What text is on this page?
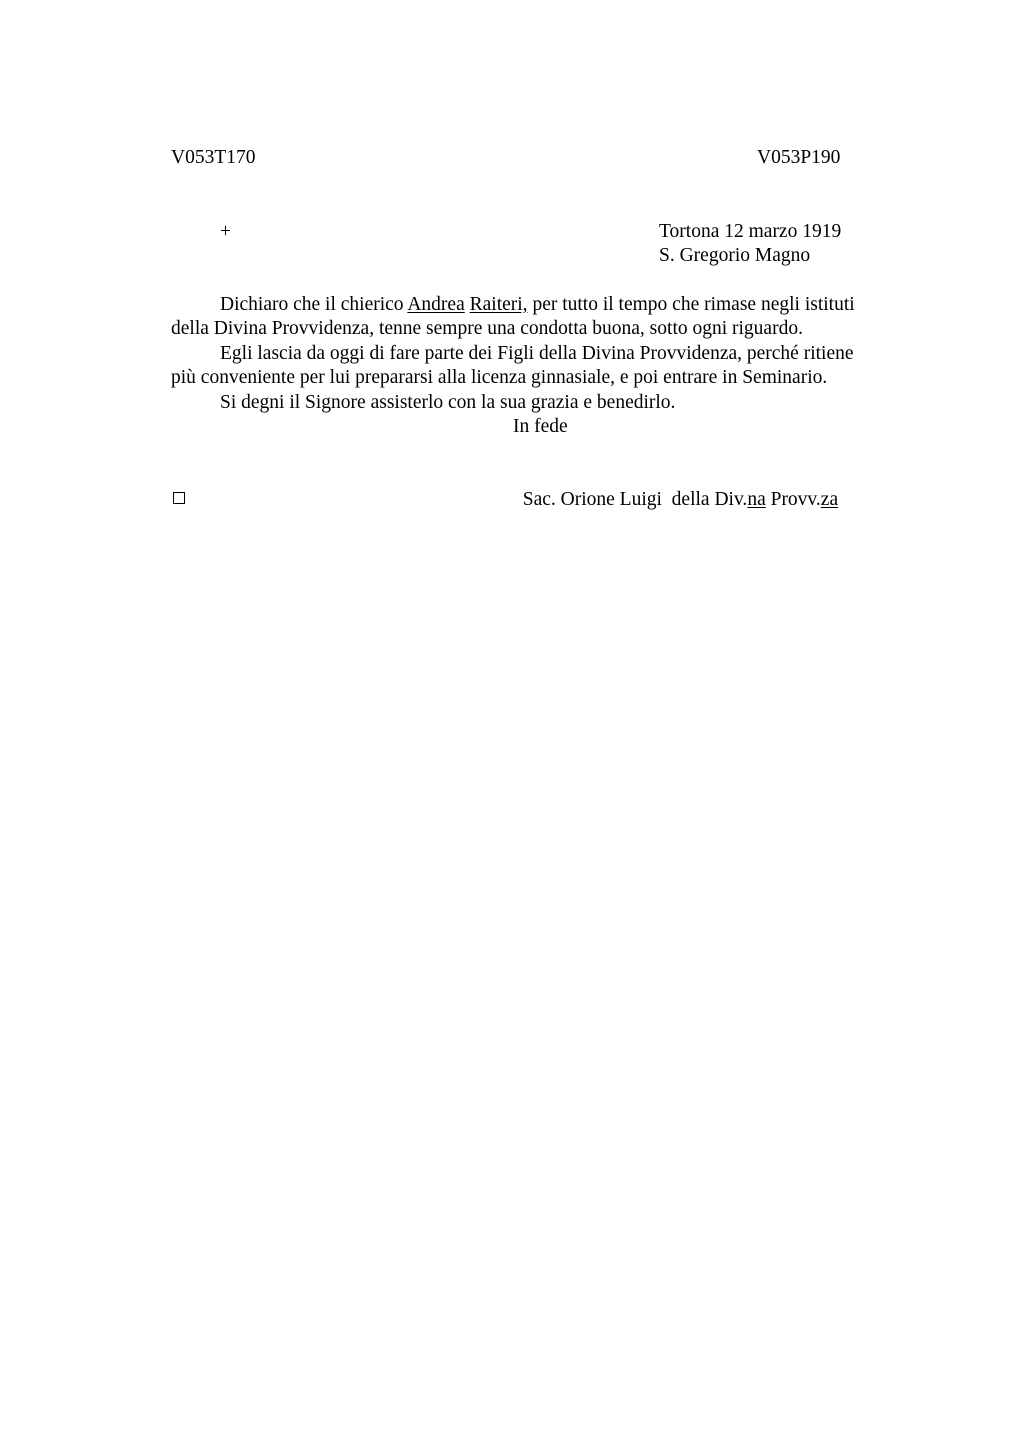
V053T170	V053P190
+	Tortona 12 marzo 1919
S. Gregorio Magno
Dichiaro che il chierico Andrea Raiteri, per tutto il tempo che rimase negli istituti
della Divina Provvidenza, tenne sempre una condotta buona, sotto ogni riguardo.
Egli lascia da oggi di fare parte dei Figli della Divina Provvidenza, perché ritiene
più conveniente per lui prepararsi alla licenza ginnasiale, e poi entrare in Seminario.
Si degni il Signore assisterlo con la sua grazia e benedirlo.
In fede

Sac. Orione Luigi  della Div.na Provv.za
